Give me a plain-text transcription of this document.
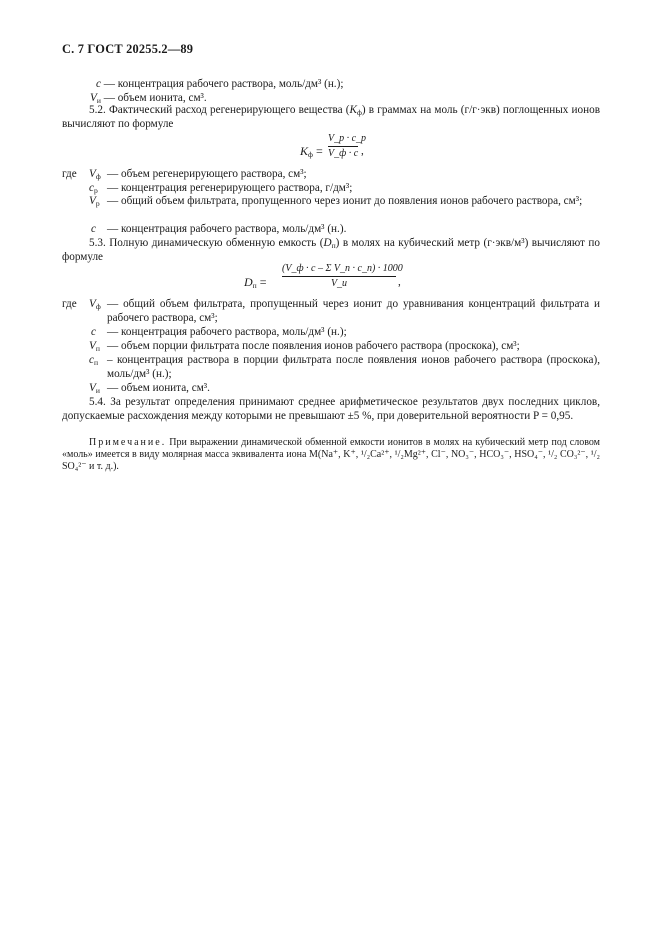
С. 7 ГОСТ 20255.2—89
c — концентрация рабочего раствора, моль/дм³ (н.);
$V_и$ — объем ионита, см³.
5.2. Фактический расход регенерирующего вещества $(K_ф)$ в граммах на моль (г/г·экв) поглощенных ионов вычисляют по формуле
$K_ф$ =
V_p · c_p
V_ф · c ,
где $V_ф$ — объем регенерирующего раствора, см³;
$c_p$ — концентрация регенерирующего раствора, г/дм³;
$V_p$ — общий объем фильтрата, пропущенного через ионит до появления ионов рабочего раствора, см³;
c — концентрация рабочего раствора, моль/дм³ (н.).
5.3. Полную динамическую обменную емкость $(D_п)$ в молях на кубический метр (г·экв/м³) вычисляют по формуле
$D_п$ =
(V_ф · c – Σ V_п · c_п) · 1000
V_и	,
где $V_ф$ — общий объем фильтрата, пропущенный через ионит до уравнивания концентраций фильтрата и рабочего раствора, см³;
c — концентрация рабочего раствора, моль/дм³ (н.);
$V_п$ — объем порции фильтрата после появления ионов рабочего раствора (проскока), см³;
$c_п$ – концентрация раствора в порции фильтрата после появления ионов рабочего раствора (проскока), моль/дм³ (н.);
$V_и$ — объем ионита, см³.
5.4. За результат определения принимают среднее арифметическое результатов двух последних циклов, допускаемые расхождения между которыми не превышают ±5 %, при доверительной вероятности P = 0,95.
Примечание. При выражении динамической обменной емкости ионитов в молях на кубический метр под словом «моль» имеется в виду молярная масса эквивалента иона M(Na⁺, K⁺, ¹/₂Ca²⁺, ¹/₂Mg²⁺, Cl⁻, NO₃⁻, HCO₃⁻, HSO₄⁻, ¹/₂ CO₃²⁻, ¹/₂ SO₄²⁻ и т. д.).
